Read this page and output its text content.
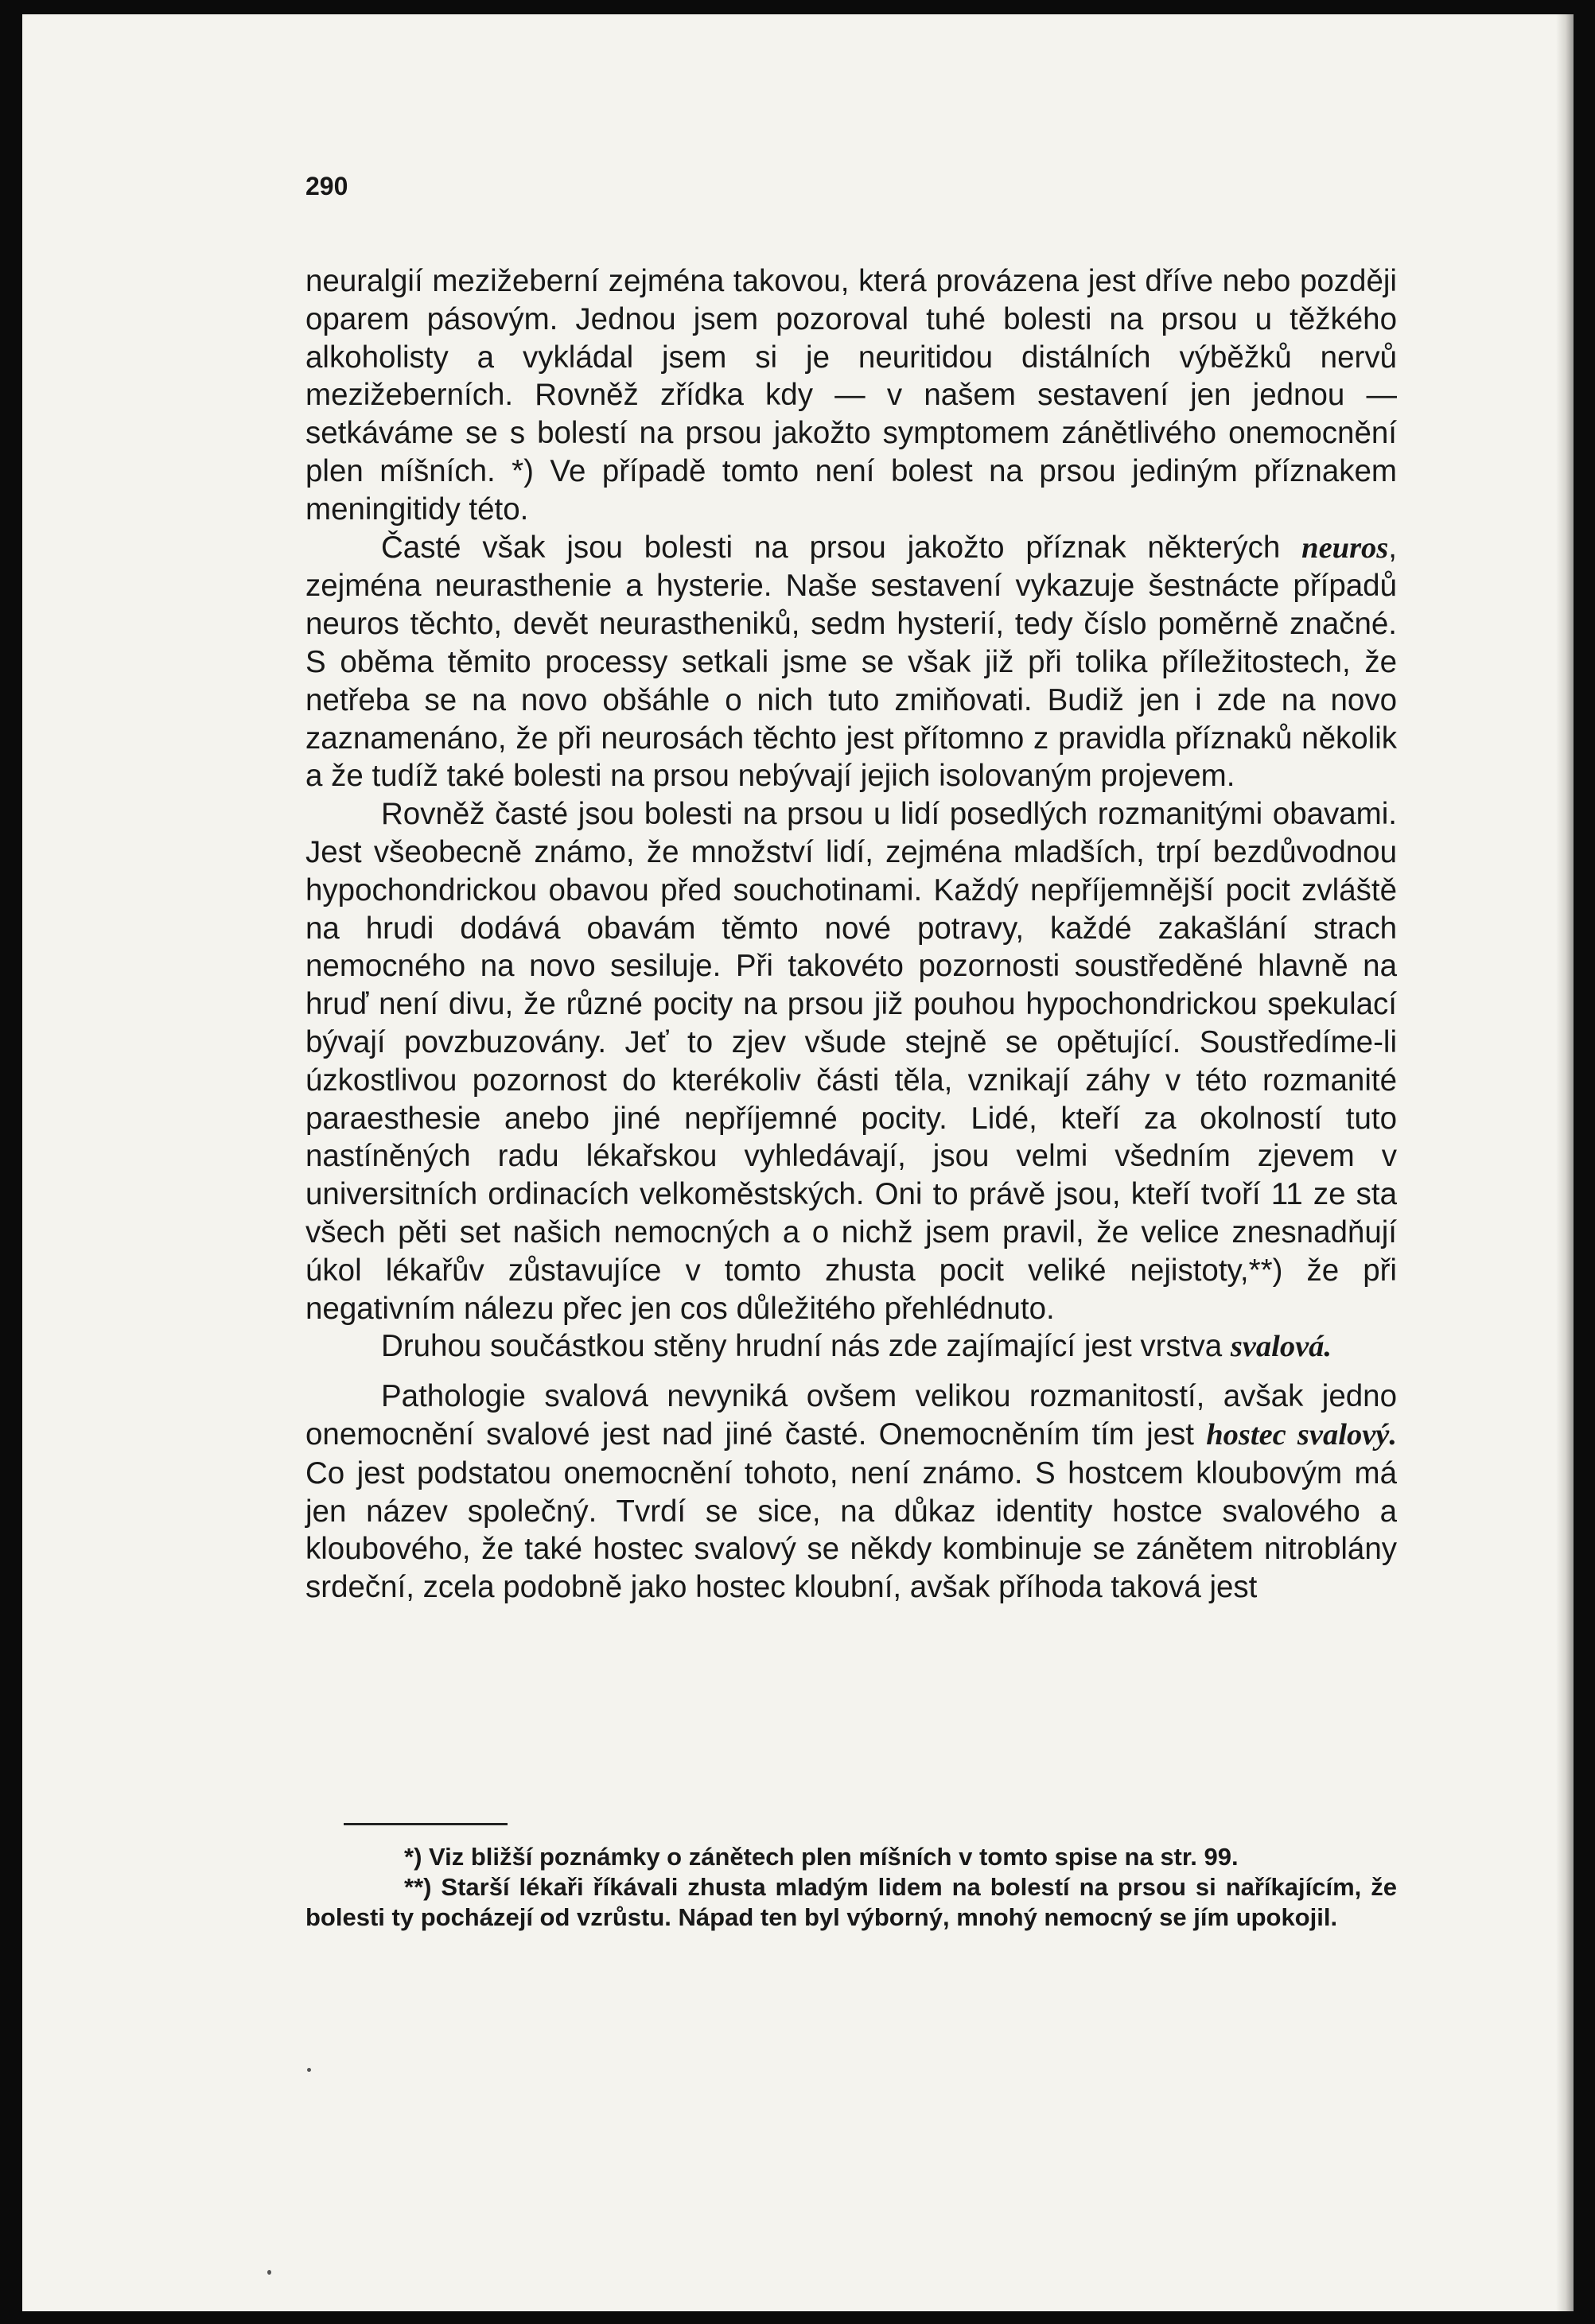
290

neuralgií mezižeberní zejména takovou, která provázena jest dříve nebo později oparem pásovým. Jednou jsem pozoroval tuhé bolesti na prsou u těžkého alkoholisty a vykládal jsem si je neuritidou distálních výběžků nervů mezižeberních. Rovněž zřídka kdy — v našem sestavení jen jednou — setkáváme se s bolestí na prsou jakožto symptomem zánětlivého onemocnění plen míšních. *) Ve případě tomto není bolest na prsou jediným příznakem meningitidy této.

Časté však jsou bolesti na prsou jakožto příznak některých neuros, zejména neurasthenie a hysterie. Naše sestavení vykazuje šestnácte případů neuros těchto, devět neurastheniků, sedm hysterií, tedy číslo poměrně značné. S oběma těmito processy setkali jsme se však již při tolika příležitostech, že netřeba se na novo obšáhle o nich tuto zmiňovati. Budiž jen i zde na novo zaznamenáno, že při neurosách těchto jest přítomno z pravidla příznaků několik a že tudíž také bolesti na prsou nebývají jejich isolovaným projevem.

Rovněž časté jsou bolesti na prsou u lidí posedlých rozmanitými obavami. Jest všeobecně známo, že množství lidí, zejména mladších, trpí bezdůvodnou hypochondrickou obavou před souchotinami. Každý nepříjemnější pocit zvláště na hrudi dodává obavám těmto nové potravy, každé zakašlání strach nemocného na novo sesiluje. Při takovéto pozornosti soustředěné hlavně na hruď není divu, že různé pocity na prsou již pouhou hypochondrickou spekulací bývají povzbuzovány. Jeť to zjev všude stejně se opětující. Soustředíme-li úzkostlivou pozornost do kterékoliv části těla, vznikají záhy v této rozmanité paraesthesie anebo jiné nepříjemné pocity. Lidé, kteří za okolností tuto nastíněných radu lékařskou vyhledávají, jsou velmi všedním zjevem v universitních ordinacích velkoměstských. Oni to právě jsou, kteří tvoří 11 ze sta všech pěti set našich nemocných a o nichž jsem pravil, že velice znesnadňují úkol lékařův zůstavujíce v tomto zhusta pocit veliké nejistoty,**) že při negativním nálezu přec jen cos důležitého přehlédnuto.

Druhou součástkou stěny hrudní nás zde zajímající jest vrstva svalová.

Pathologie svalová nevyniká ovšem velikou rozmanitostí, avšak jedno onemocnění svalové jest nad jiné časté. Onemocněním tím jest hostec svalový. Co jest podstatou onemocnění tohoto, není známo. S hostcem kloubovým má jen název společný. Tvrdí se sice, na důkaz identity hostce svalového a kloubového, že také hostec svalový se někdy kombinuje se zánětem nitroblány srdeční, zcela podobně jako hostec kloubní, avšak příhoda taková jest

*) Viz bližší poznámky o zánětech plen míšních v tomto spise na str. 99.

**) Starší lékaři říkávali zhusta mladým lidem na bolestí na prsou si naříkajícím, že bolesti ty pocházejí od vzrůstu. Nápad ten byl výborný, mnohý nemocný se jím upokojil.
